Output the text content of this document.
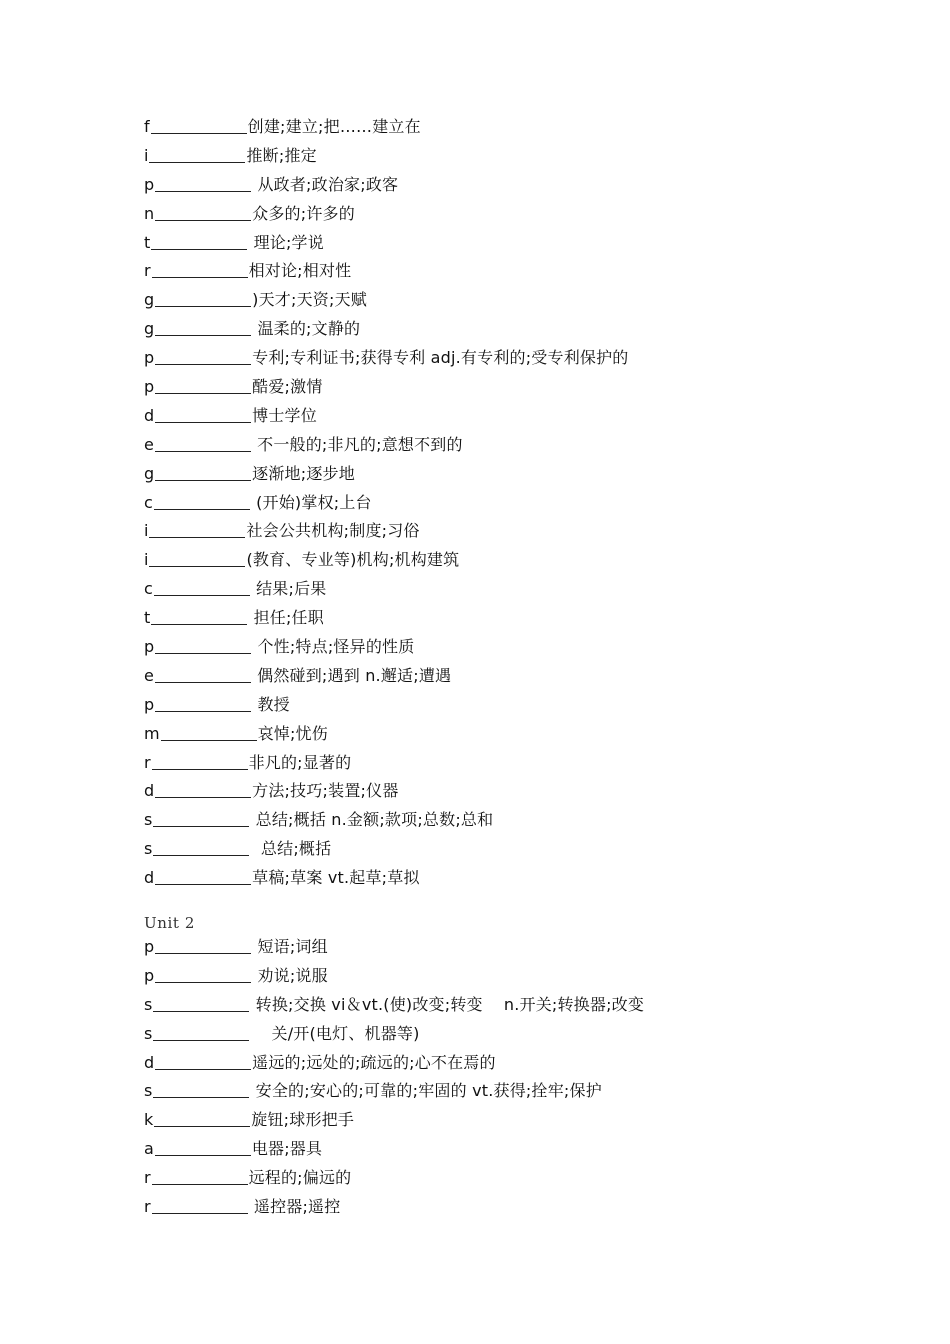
f	创建;建立;把……建立在
i	推断;推定
p	从政者;政治家;政客
n	众多的;许多的
t	理论;学说
r	相对论;相对性
g	)天才;天资;天赋
g	温柔的;文静的
p	专利;专利证书;获得专利 adj.有专利的;受专利保护的
p	酷爱;激情
d	博士学位
e	不一般的;非凡的;意想不到的
g	逐渐地;逐步地
c	(开始)掌权;上台
i	社会公共机构;制度;习俗
i	(教育、专业等)机构;机构建筑
c	结果;后果
t	担任;任职
p	个性;特点;怪异的性质
e	偶然碰到;遇到 n.邂适;遭遇
p	教授
m	哀悼;忧伤
r	非凡的;显著的
d	方法;技巧;装置;仪器
s	总结;概括 n.金额;款项;总数;总和
s	总结;概括
d	草稿;草案 vt.起草;草拟
Unit 2
p	短语;词组
p	劝说;说服
s	转换;交换 vi＆vt.(使)改变;转变    n.开关;转换器;改变
s	关/开(电灯、机器等)
d	遥远的;远处的;疏远的;心不在焉的
s	安全的;安心的;可靠的;牢固的 vt.获得;拴牢;保护
k	旋钮;球形把手
a	电器;器具
r	远程的;偏远的
r	遥控器;遥控
